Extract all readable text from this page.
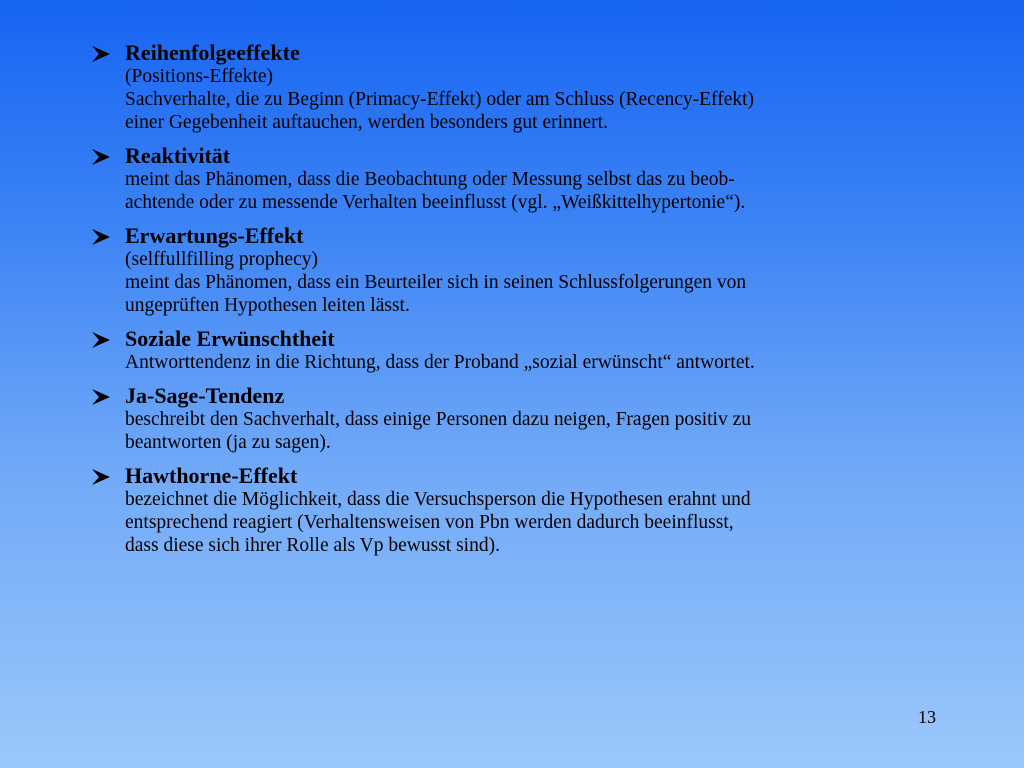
Reihenfolgeeffekte
(Positions-Effekte)
Sachverhalte, die zu Beginn (Primacy-Effekt) oder am Schluss (Recency-Effekt)
einer Gegebenheit auftauchen, werden besonders gut erinnert.
Reaktivität
meint das Phänomen, dass die Beobachtung oder Messung selbst das zu beob-
achtende oder zu messende Verhalten beeinflusst (vgl. „Weißkittelhypertonie“).
Erwartungs-Effekt
(selffullfilling prophecy)
meint das Phänomen, dass ein Beurteiler sich in seinen Schlussfolgerungen von
ungeprüften Hypothesen leiten lässt.
Soziale Erwünschtheit
Antworttendenz in die Richtung, dass der Proband „sozial erwünscht“ antwortet.
Ja-Sage-Tendenz
beschreibt den Sachverhalt, dass einige Personen dazu neigen, Fragen positiv zu
beantworten (ja zu sagen).
Hawthorne-Effekt
bezeichnet die Möglichkeit, dass die Versuchsperson die Hypothesen erahnt und
entsprechend reagiert (Verhaltensweisen von Pbn werden dadurch beeinflusst,
dass diese sich ihrer Rolle als Vp bewusst sind).
13
